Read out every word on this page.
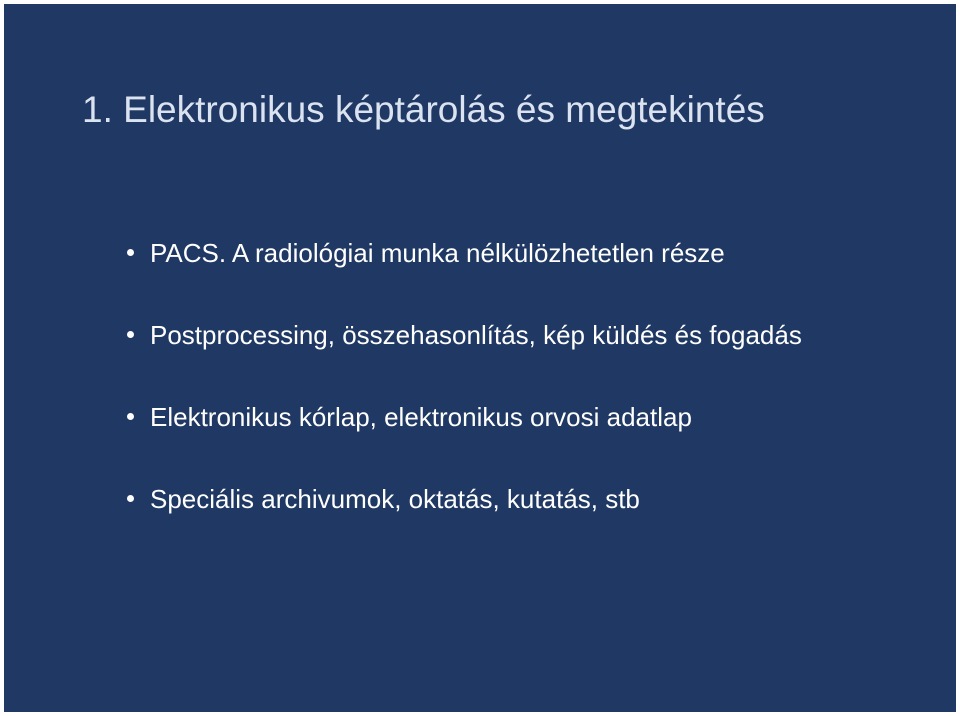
1. Elektronikus képtárolás és megtekintés
PACS. A radiológiai munka nélkülözhetetlen része
Postprocessing, összehasonlítás, kép küldés és fogadás
Elektronikus kórlap, elektronikus orvosi adatlap
Speciális archivumok, oktatás, kutatás, stb
